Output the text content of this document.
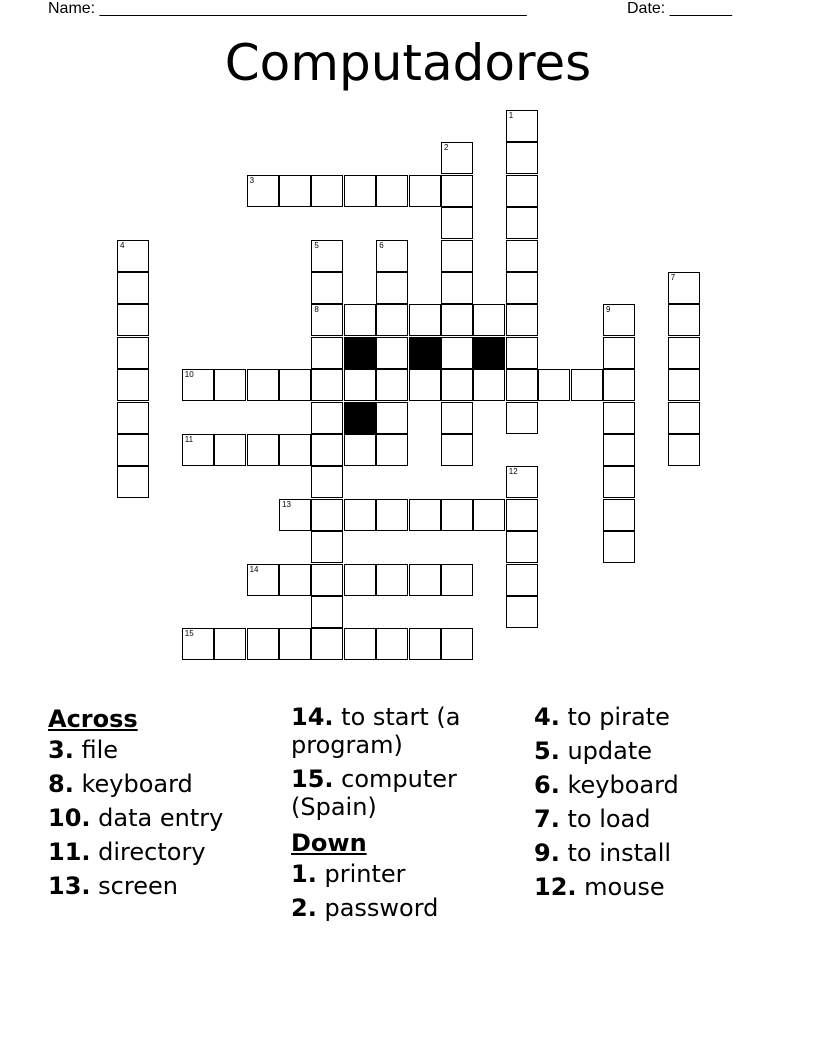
Name: ________________________________________________	Date: _______
Computadores
3
8
10
11
13
14
15
1
2
4	5	6
7
9
12
Across
3. file
8. keyboard
10. data entry
11. directory
13. screen
14. to start (a program)
15. computer (Spain)
Down
1. printer
2. password
4. to pirate
5. update
6. keyboard
7. to load
9. to install
12. mouse
